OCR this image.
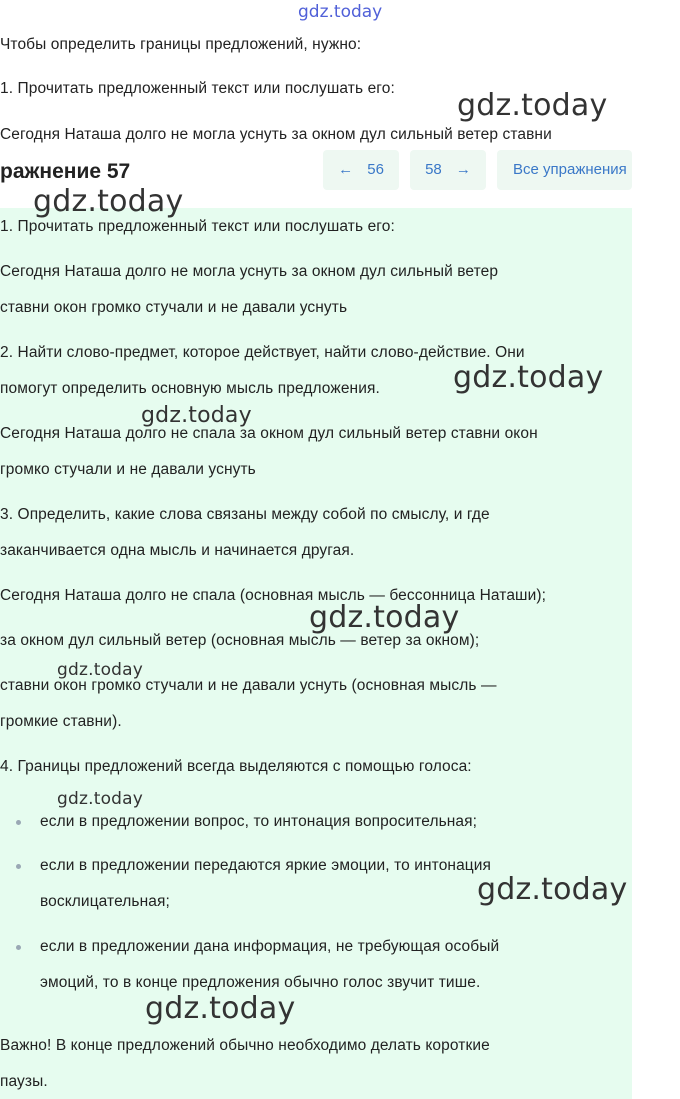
gdz.today
Чтобы определить границы предложений, нужно:
1. Прочитать предложенный текст или послушать его:
Сегодня Наташа долго не могла уснуть за окном дул сильный ветер ставни
ражнение 57	← 56	58 →	Все упражнения
1. Прочитать предложенный текст или послушать его:
Сегодня Наташа долго не могла уснуть за окном дул сильный ветер
ставни окон громко стучали и не давали уснуть
2. Найти слово-предмет, которое действует, найти слово-действие. Они
помогут определить основную мысль предложения.
Сегодня Наташа долго не спала за окном дул сильный ветер ставни окон
громко стучали и не давали уснуть
3. Определить, какие слова связаны между собой по смыслу, и где
заканчивается одна мысль и начинается другая.
Сегодня Наташа долго не спала (основная мысль — бессонница Наташи);
за окном дул сильный ветер (основная мысль — ветер за окном);
ставни окон громко стучали и не давали уснуть (основная мысль —
громкие ставни).
4. Границы предложений всегда выделяются с помощью голоса:
если в предложении вопрос, то интонация вопросительная;
если в предложении передаются яркие эмоции, то интонация
восклицательная;
если в предложении дана информация, не требующая особый
эмоций, то в конце предложения обычно голос звучит тише.
Важно! В конце предложений обычно необходимо делать короткие
паузы.
gdz.today
gdz.today
gdz.today
gdz.today
gdz.today
gdz.today
gdz.today
gdz.today
gdz.today
